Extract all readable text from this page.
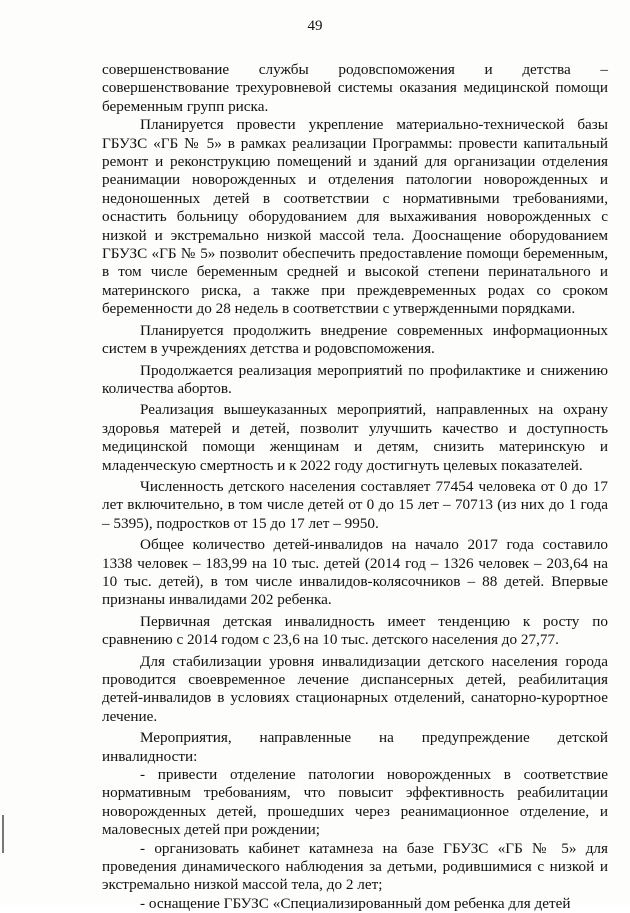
49

совершенствование службы родовспоможения и детства – совершенствование трехуровневой системы оказания медицинской помощи беременным групп риска.

Планируется провести укрепление материально-технической базы ГБУЗС «ГБ № 5» в рамках реализации Программы: провести капитальный ремонт и реконструкцию помещений и зданий для организации отделения реанимации новорожденных и отделения патологии новорожденных и недоношенных детей в соответствии с нормативными требованиями, оснастить больницу оборудованием для выхаживания новорожденных с низкой и экстремально низкой массой тела. Дооснащение оборудованием ГБУЗС «ГБ № 5» позволит обеспечить предоставление помощи беременным, в том числе беременным средней и высокой степени перинатального и материнского риска, а также при преждевременных родах со сроком беременности до 28 недель в соответствии с утвержденными порядками.

Планируется продолжить внедрение современных информационных систем в учреждениях детства и родовспоможения.

Продолжается реализация мероприятий по профилактике и снижению количества абортов.

Реализация вышеуказанных мероприятий, направленных на охрану здоровья матерей и детей, позволит улучшить качество и доступность медицинской помощи женщинам и детям, снизить материнскую и младенческую смертность и к 2022 году достигнуть целевых показателей.

Численность детского населения составляет 77454 человека от 0 до 17 лет включительно, в том числе детей от 0 до 15 лет – 70713 (из них до 1 года – 5395), подростков от 15 до 17 лет – 9950.

Общее количество детей-инвалидов на начало 2017 года составило 1338 человек – 183,99 на 10 тыс. детей (2014 год – 1326 человек – 203,64 на 10 тыс. детей), в том числе инвалидов-колясочников – 88 детей. Впервые признаны инвалидами 202 ребенка.

Первичная детская инвалидность имеет тенденцию к росту по сравнению с 2014 годом с 23,6 на 10 тыс. детского населения до 27,77.

Для стабилизации уровня инвалидизации детского населения города проводится своевременное лечение диспансерных детей, реабилитация детей-инвалидов в условиях стационарных отделений, санаторно-курортное лечение.

Мероприятия, направленные на предупреждение детской инвалидности:

- привести отделение патологии новорожденных в соответствие нормативным требованиям, что повысит эффективность реабилитации новорожденных детей, прошедших через реанимационное отделение, и маловесных детей при рождении;

- организовать кабинет катамнеза на базе ГБУЗС «ГБ № 5» для проведения динамического наблюдения за детьми, родившимися с низкой и экстремально низкой массой тела, до 2 лет;

- оснащение ГБУЗС «Специализированный дом ребенка для детей
